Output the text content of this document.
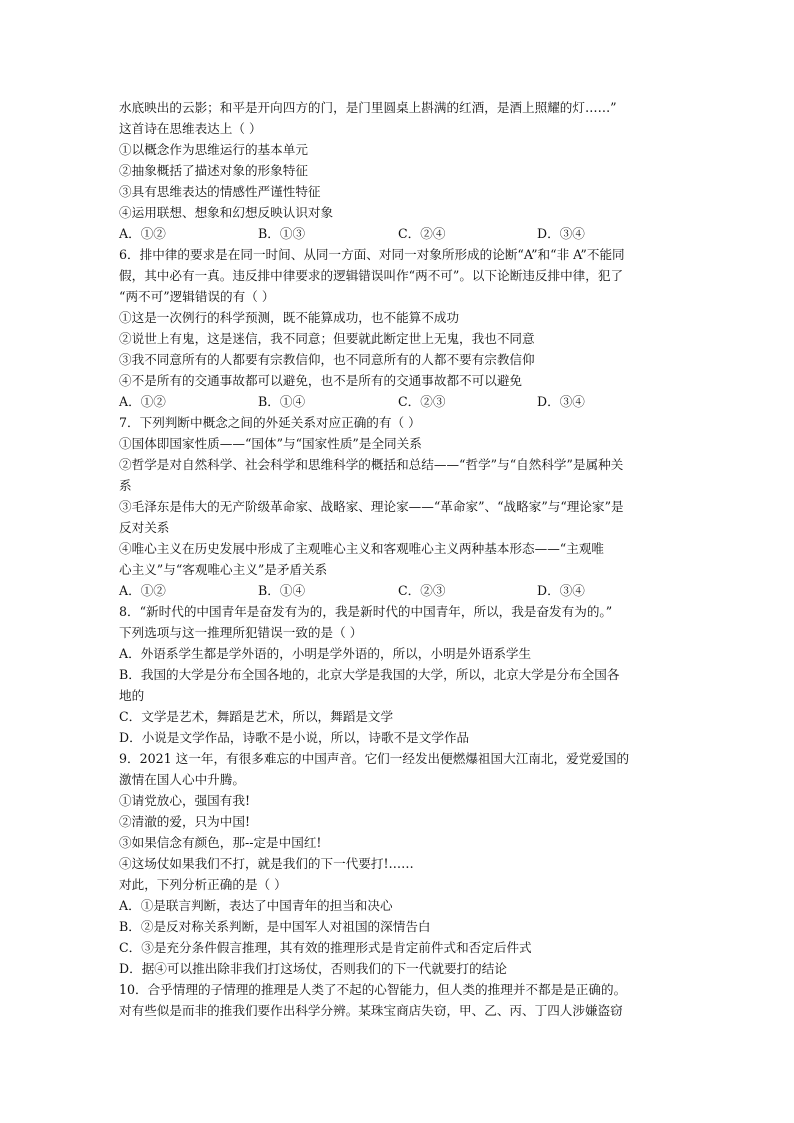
水底映出的云影；和平是开向四方的门，是门里圆桌上斟满的红酒，是酒上照耀的灯……”
这首诗在思维表达上（ ）
①以概念作为思维运行的基本单元
②抽象概括了描述对象的形象特征
③具有思维表达的情感性严谨性特征
④运用联想、想象和幻想反映认识对象
A．①②	B．①③	C．②④	D．③④
6．排中律的要求是在同一时间、从同一方面、对同一对象所形成的论断“A”和“非 A”不能同
假，其中必有一真。违反排中律要求的逻辑错误叫作“两不可”。以下论断违反排中律，犯了
“两不可”逻辑错误的有（ ）
①这是一次例行的科学预测，既不能算成功，也不能算不成功
②说世上有鬼，这是迷信，我不同意；但要就此断定世上无鬼，我也不同意
③我不同意所有的人都要有宗教信仰，也不同意所有的人都不要有宗教信仰
④不是所有的交通事故都可以避免，也不是所有的交通事故都不可以避免
A．①②	B．①④	C．②③	D．③④
7．下列判断中概念之间的外延关系对应正确的有（ ）
①国体即国家性质——“国体”与“国家性质”是全同关系
②哲学是对自然科学、社会科学和思维科学的概括和总结——“哲学”与“自然科学”是属种关
系
③毛泽东是伟大的无产阶级革命家、战略家、理论家——“革命家”、“战略家”与“理论家”是
反对关系
④唯心主义在历史发展中形成了主观唯心主义和客观唯心主义两种基本形态——“主观唯
心主义”与“客观唯心主义”是矛盾关系
A．①②	B．①④	C．②③	D．③④
8．“新时代的中国青年是奋发有为的，我是新时代的中国青年，所以，我是奋发有为的。”
下列选项与这一推理所犯错误一致的是（ ）
A．外语系学生都是学外语的，小明是学外语的，所以，小明是外语系学生
B．我国的大学是分布全国各地的，北京大学是我国的大学，所以，北京大学是分布全国各
地的
C．文学是艺术，舞蹈是艺术，所以，舞蹈是文学
D．小说是文学作品，诗歌不是小说，所以，诗歌不是文学作品
9．2021 这一年，有很多难忘的中国声音。它们一经发出便燃爆祖国大江南北，爱党爱国的
激情在国人心中升腾。
①请党放心，强国有我!
②清澈的爱，只为中国!
③如果信念有颜色，那--定是中国红!
④这场仗如果我们不打，就是我们的下一代要打!……
对此，下列分析正确的是（ ）
A．①是联言判断，表达了中国青年的担当和决心
B．②是反对称关系判断，是中国军人对祖国的深情告白
C．③是充分条件假言推理，其有效的推理形式是肯定前件式和否定后件式
D．据④可以推出除非我们打这场仗，否则我们的下一代就要打的结论
10．合乎情理的子情理的推理是人类了不起的心智能力，但人类的推理并不都是是正确的。
对有些似是而非的推我们要作出科学分辨。某珠宝商店失窃，甲、乙、丙、丁四人涉嫌盗窃
